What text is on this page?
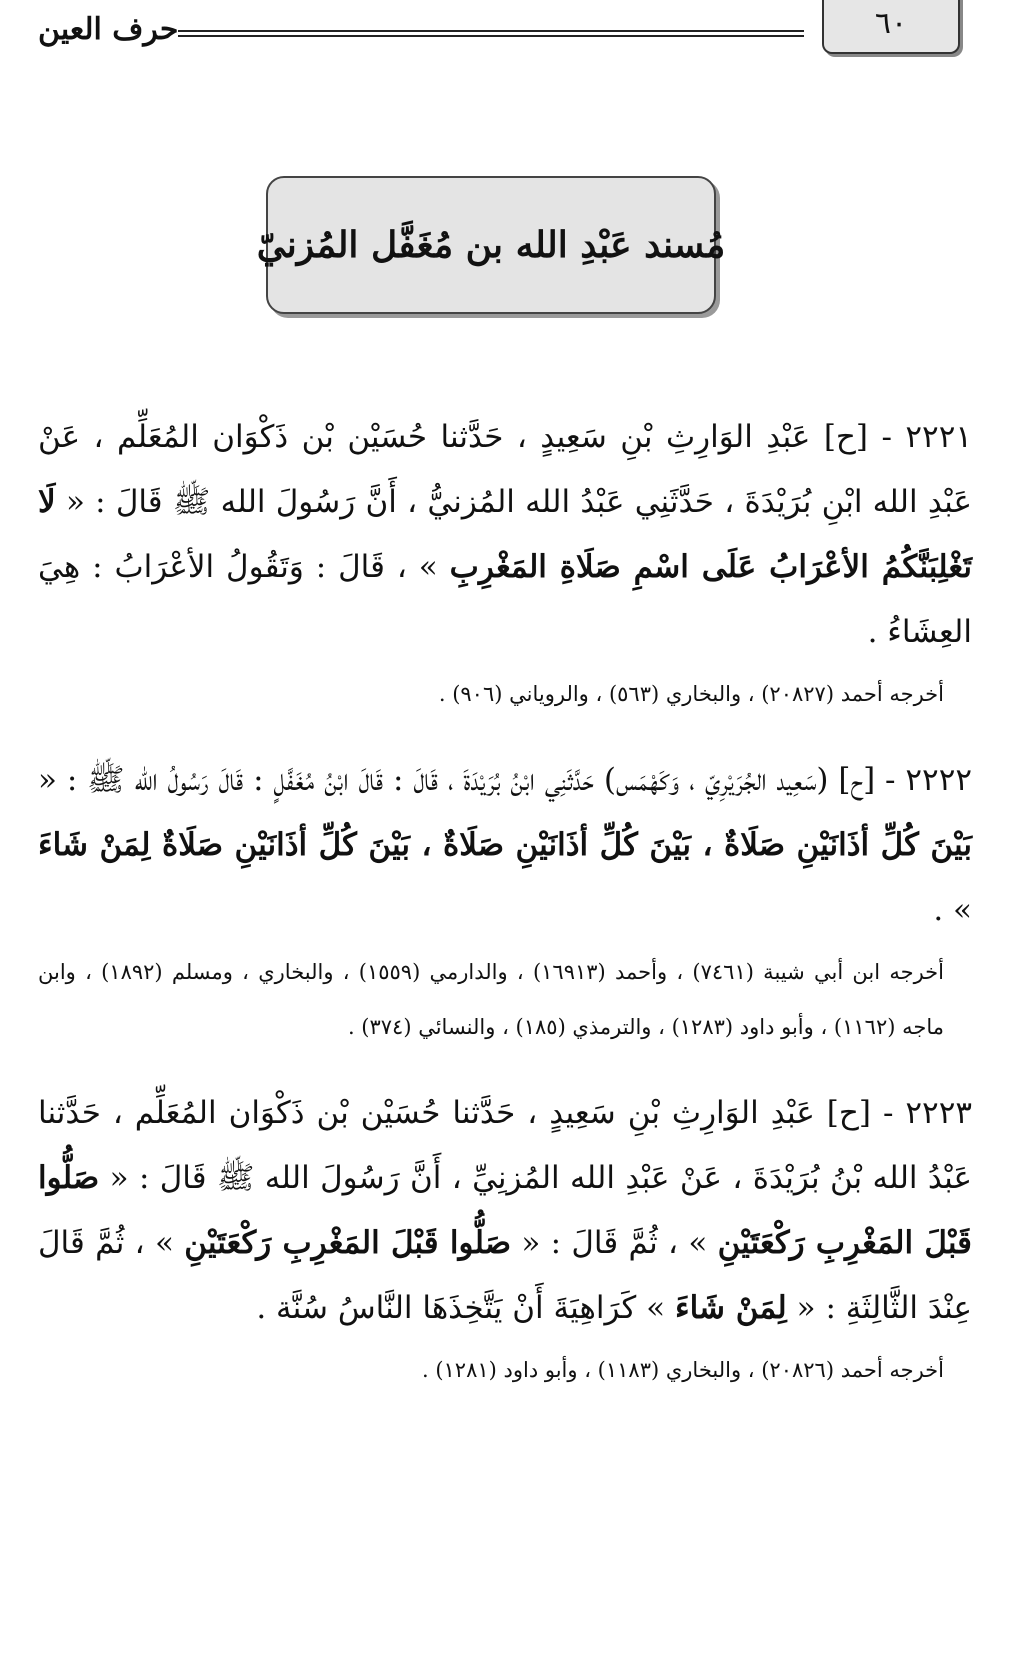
٦٠
حرف العين
مُسند عَبْدِ الله بن مُغَفَّل المُزنيّ

٢٢٢١ - [ح] عَبْدِ الوَارِثِ بْنِ سَعِيدٍ ، حَدَّثنا حُسَيْن بْن ذَكْوَان المُعَلِّم ، عَنْ عَبْدِ الله ابْنِ بُرَيْدَةَ ، حَدَّثَنِي عَبْدُ الله المُزنيُّ ، أَنَّ رَسُولَ الله ﷺ قَالَ : « لَا تَغْلِبَنَّكُمُ الأعْرَابُ عَلَى اسْمِ صَلَاةِ المَغْرِبِ » ، قَالَ : وَتَقُولُ الأعْرَابُ : هِيَ العِشَاءُ .

أخرجه أحمد (٢٠٨٢٧) ، والبخاري (٥٦٣) ، والروياني (٩٠٦) .

٢٢٢٢ - [ح] (سَعِيد الجُرَيْرِيّ ، وَكَهْمَس) حَدَّثَنِي ابْنُ بُرَيْدَةَ ، قَالَ : قَالَ ابْنُ مُغَفَّلٍ : قَالَ رَسُولُ الله ﷺ : « بَيْنَ كُلِّ أذَانَيْنِ صَلَاةٌ ، بَيْنَ كُلِّ أذَانَيْنِ صَلَاةٌ ، بَيْنَ كُلِّ أذَانَيْنِ صَلَاةٌ لِمَنْ شَاءَ » .

أخرجه ابن أبي شيبة (٧٤٦١) ، وأحمد (١٦٩١٣) ، والدارمي (١٥٥٩) ، والبخاري ، ومسلم (١٨٩٢) ، وابن ماجه (١١٦٢) ، وأبو داود (١٢٨٣) ، والترمذي (١٨٥) ، والنسائي (٣٧٤) .

٢٢٢٣ - [ح] عَبْدِ الوَارِثِ بْنِ سَعِيدٍ ، حَدَّثنا حُسَيْن بْن ذَكْوَان المُعَلِّم ، حَدَّثنا عَبْدُ الله بْنُ بُرَيْدَةَ ، عَنْ عَبْدِ الله المُزنِيِّ ، أَنَّ رَسُولَ الله ﷺ قَالَ : « صَلُّوا قَبْلَ المَغْرِبِ رَكْعَتَيْنِ » ، ثُمَّ قَالَ : « صَلُّوا قَبْلَ المَغْرِبِ رَكْعَتَيْنِ » ، ثُمَّ قَالَ عِنْدَ الثَّالِثَةِ : « لِمَنْ شَاءَ » كَرَاهِيَةَ أَنْ يَتَّخِذَهَا النَّاسُ سُنَّة .

أخرجه أحمد (٢٠٨٢٦) ، والبخاري (١١٨٣) ، وأبو داود (١٢٨١) .
